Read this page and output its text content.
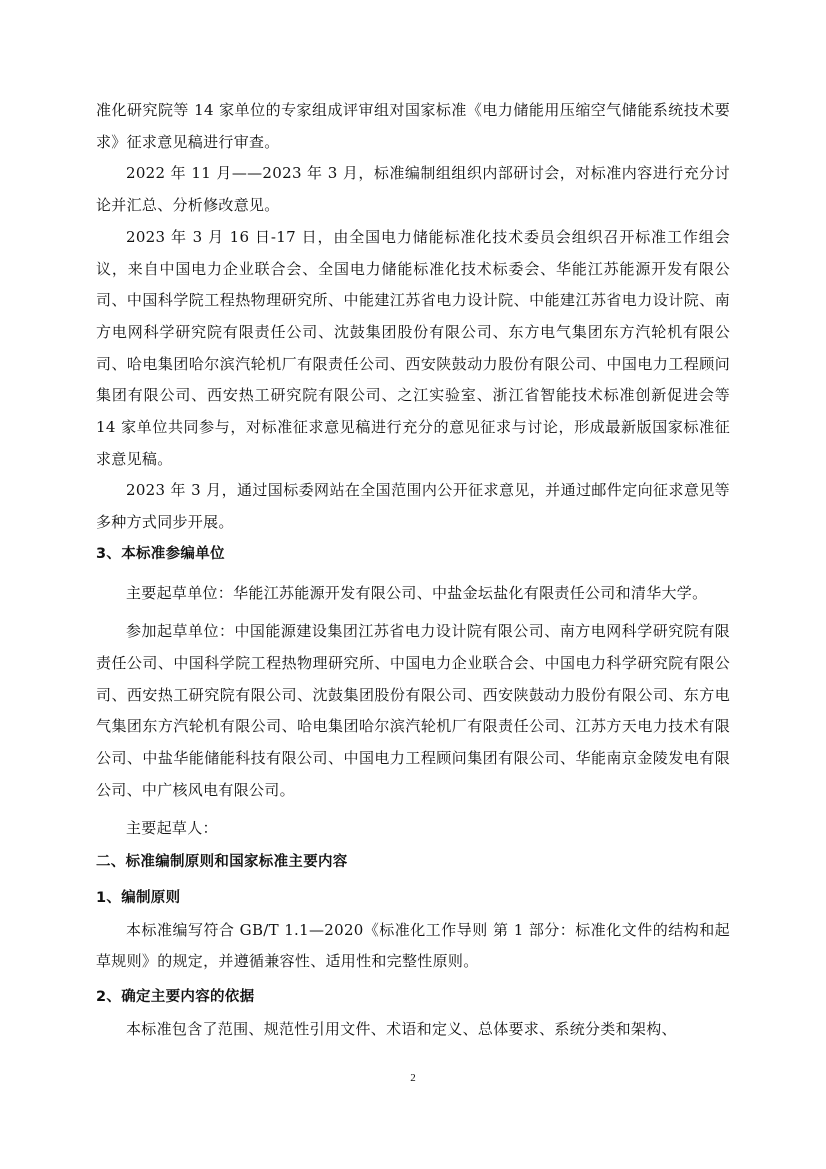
准化研究院等 14 家单位的专家组成评审组对国家标准《电力储能用压缩空气储能系统技术要求》征求意见稿进行审查。

2022 年 11 月——2023 年 3 月，标准编制组组织内部研讨会，对标准内容进行充分讨论并汇总、分析修改意见。

2023 年 3 月 16 日-17 日，由全国电力储能标准化技术委员会组织召开标准工作组会议，来自中国电力企业联合会、全国电力储能标准化技术标委会、华能江苏能源开发有限公司、中国科学院工程热物理研究所、中能建江苏省电力设计院、中能建江苏省电力设计院、南方电网科学研究院有限责任公司、沈鼓集团股份有限公司、东方电气集团东方汽轮机有限公司、哈电集团哈尔滨汽轮机厂有限责任公司、西安陕鼓动力股份有限公司、中国电力工程顾问集团有限公司、西安热工研究院有限公司、之江实验室、浙江省智能技术标准创新促进会等 14 家单位共同参与，对标准征求意见稿进行充分的意见征求与讨论，形成最新版国家标准征求意见稿。

2023 年 3 月，通过国标委网站在全国范围内公开征求意见，并通过邮件定向征求意见等多种方式同步开展。

3、本标准参编单位

主要起草单位：华能江苏能源开发有限公司、中盐金坛盐化有限责任公司和清华大学。

参加起草单位：中国能源建设集团江苏省电力设计院有限公司、南方电网科学研究院有限责任公司、中国科学院工程热物理研究所、中国电力企业联合会、中国电力科学研究院有限公司、西安热工研究院有限公司、沈鼓集团股份有限公司、西安陕鼓动力股份有限公司、东方电气集团东方汽轮机有限公司、哈电集团哈尔滨汽轮机厂有限责任公司、江苏方天电力技术有限公司、中盐华能储能科技有限公司、中国电力工程顾问集团有限公司、华能南京金陵发电有限公司、中广核风电有限公司。

主要起草人：

二、标准编制原则和国家标准主要内容

1、编制原则

本标准编写符合 GB/T 1.1—2020《标准化工作导则 第 1 部分：标准化文件的结构和起草规则》的规定，并遵循兼容性、适用性和完整性原则。

2、确定主要内容的依据

本标准包含了范围、规范性引用文件、术语和定义、总体要求、系统分类和架构、

2
